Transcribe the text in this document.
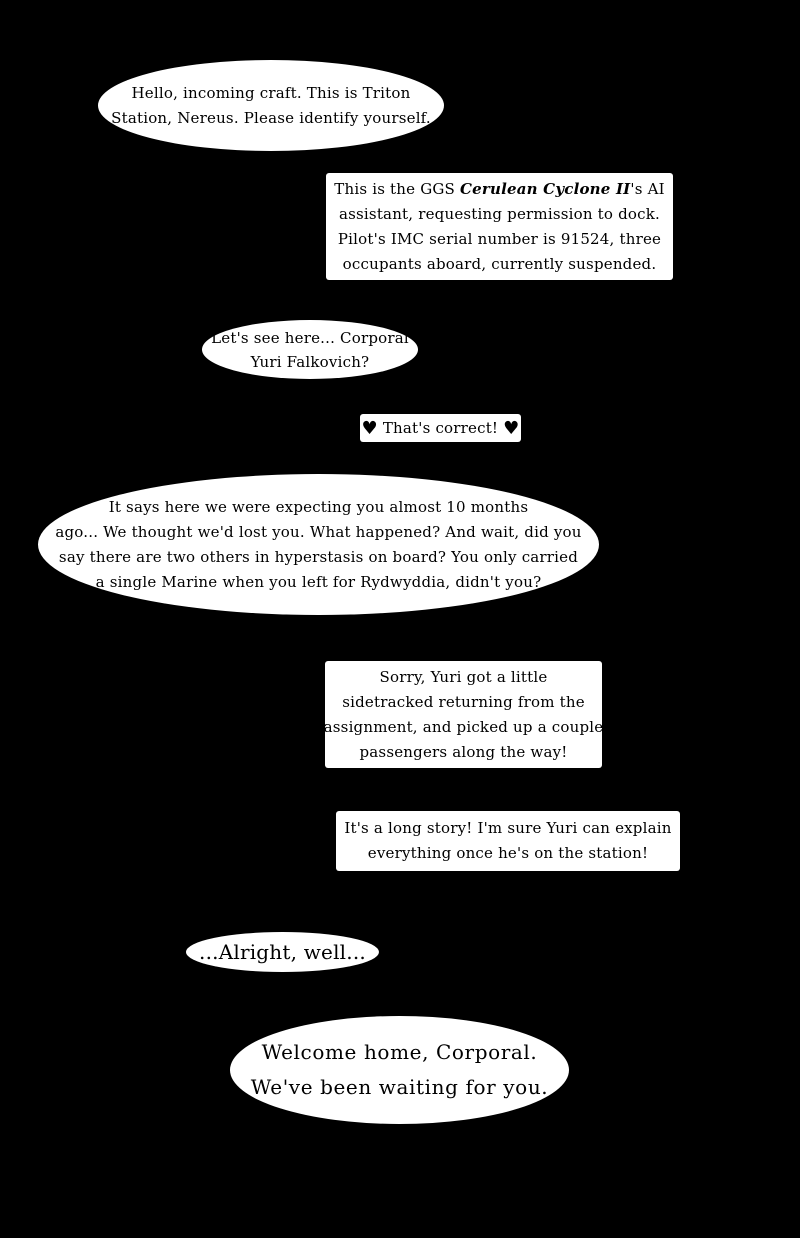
Hello, incoming craft. This is Triton
Station, Nereus. Please identify yourself.
This is the GGS Cerulean Cyclone II's AI
assistant, requesting permission to dock.
Pilot's IMC serial number is 91524, three
occupants aboard, currently suspended.
Let's see here... Corporal
Yuri Falkovich?
♥ That's correct! ♥
It says here we were expecting you almost 10 months
ago... We thought we'd lost you. What happened? And wait, did you
say there are two others in hyperstasis on board? You only carried
a single Marine when you left for Rydwyddia, didn't you?
Sorry, Yuri got a little
sidetracked returning from the
assignment, and picked up a couple
passengers along the way!
It's a long story! I'm sure Yuri can explain
everything once he's on the station!
...Alright, well...
Welcome home, Corporal.
We've been waiting for you.
